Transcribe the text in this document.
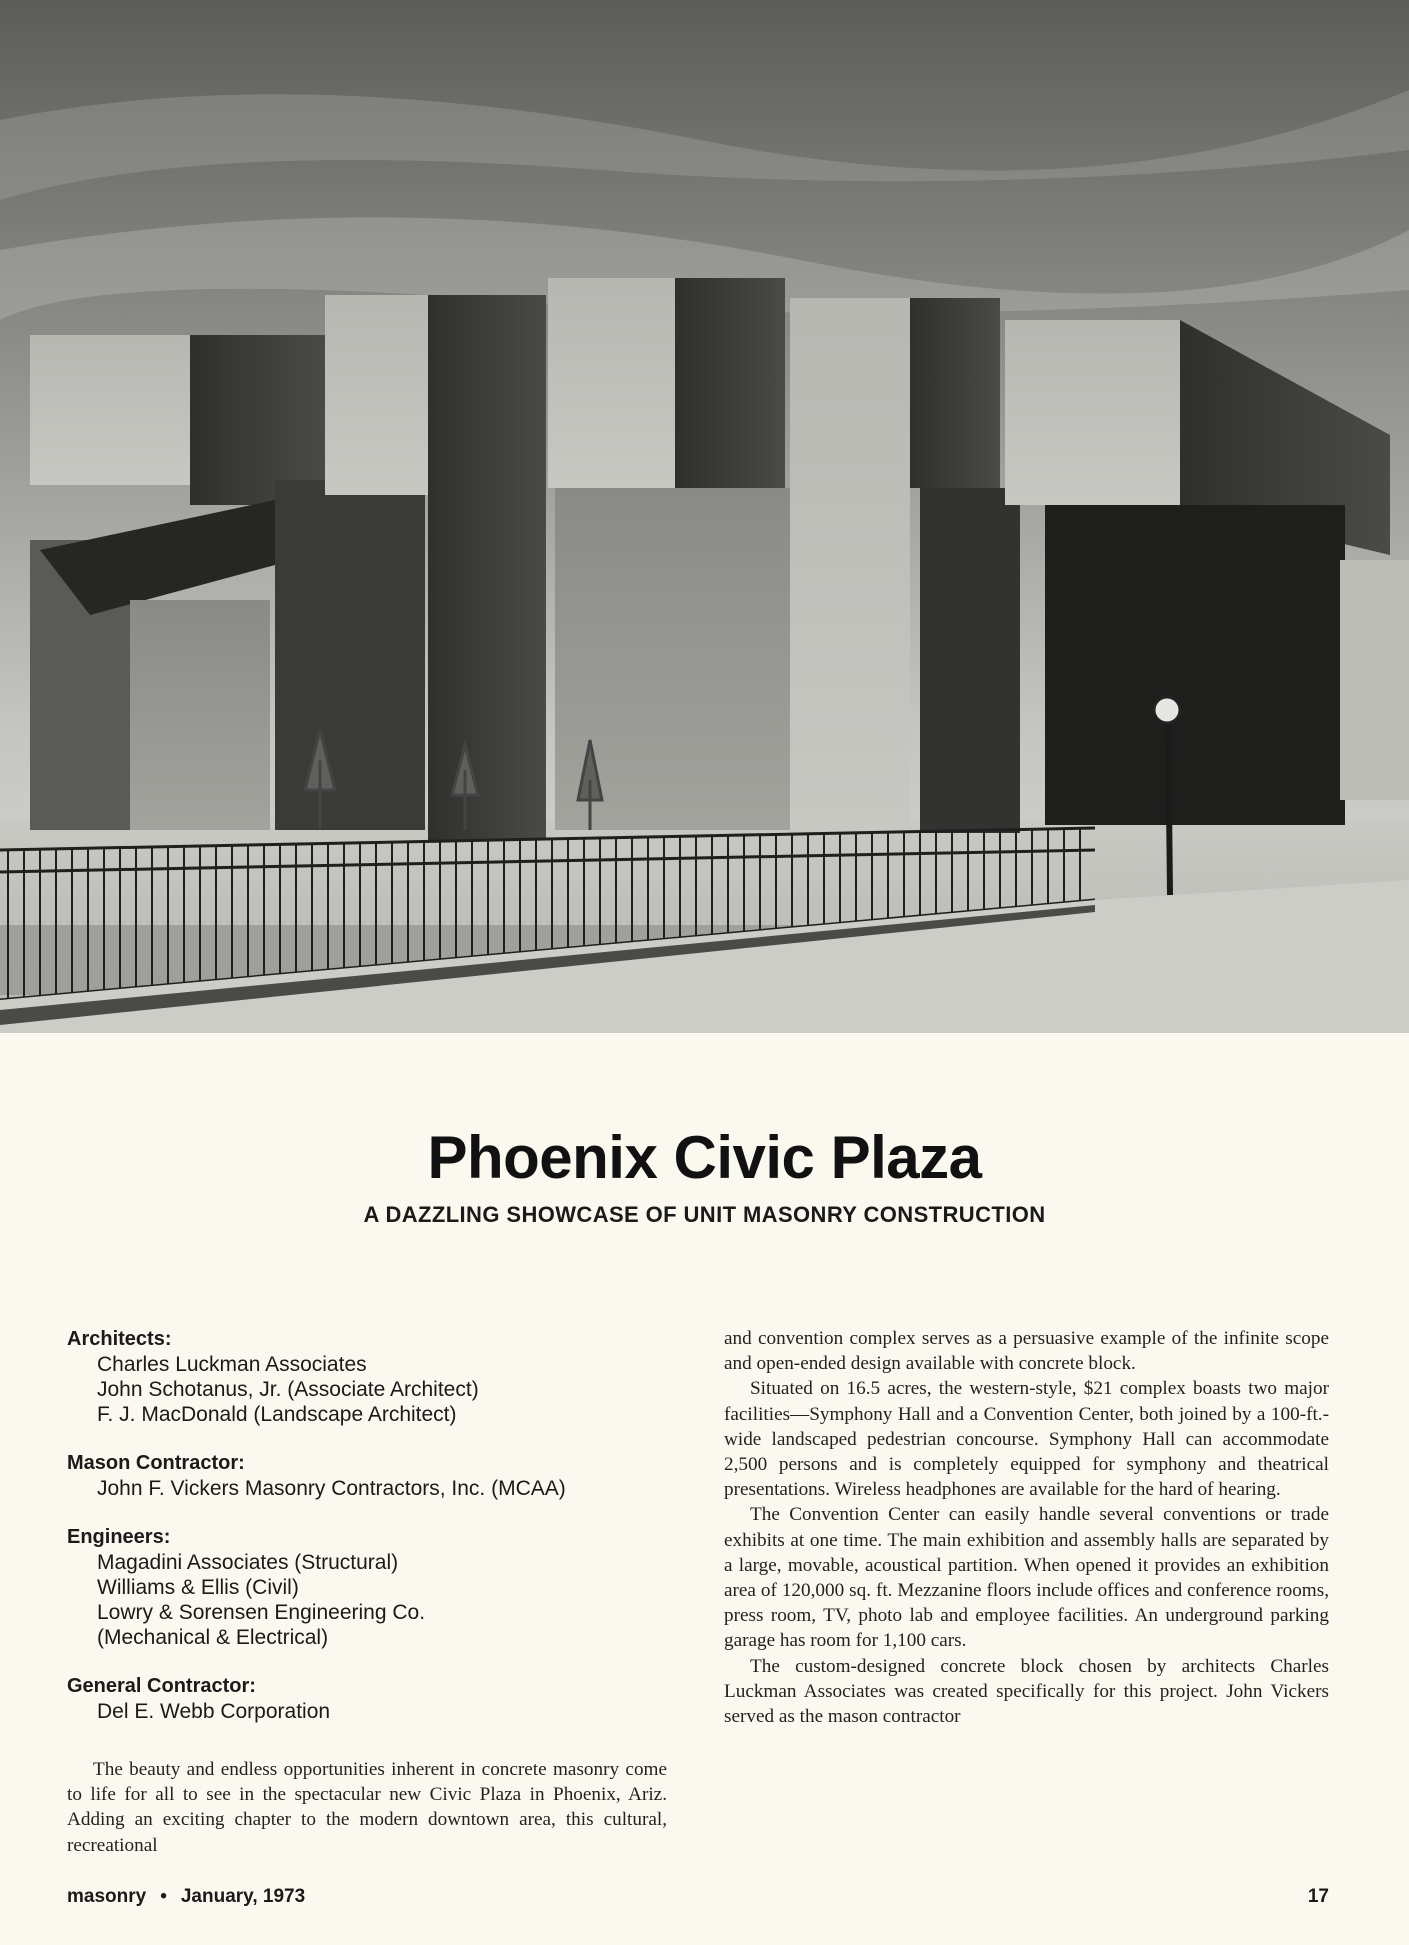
Phoenix Civic Plaza
A DAZZLING SHOWCASE OF UNIT MASONRY CONSTRUCTION

Architects:

Charles Luckman Associates

John Schotanus, Jr. (Associate Architect)

F. J. MacDonald (Landscape Architect)

Mason Contractor:

John F. Vickers Masonry Contractors, Inc. (MCAA)

Engineers:

Magadini Associates (Structural)

Williams & Ellis (Civil)

Lowry & Sorensen Engineering Co.

(Mechanical & Electrical)

General Contractor:

Del E. Webb Corporation

The beauty and endless opportunities inherent in concrete masonry come to life for all to see in the spectacular new Civic Plaza in Phoenix, Ariz. Adding an exciting chapter to the modern downtown area, this cultural, recreational

and convention complex serves as a persuasive example of the infinite scope and open-ended design available with concrete block.

Situated on 16.5 acres, the western-style, $21 complex boasts two major facilities—Symphony Hall and a Convention Center, both joined by a 100-ft.-wide landscaped pedestrian concourse. Symphony Hall can accommodate 2,500 persons and is completely equipped for symphony and theatrical presentations. Wireless headphones are available for the hard of hearing.

The Convention Center can easily handle several conventions or trade exhibits at one time. The main exhibition and assembly halls are separated by a large, movable, acoustical partition. When opened it provides an exhibition area of 120,000 sq. ft. Mezzanine floors include offices and conference rooms, press room, TV, photo lab and employee facilities. An underground parking garage has room for 1,100 cars.

The custom-designed concrete block chosen by architects Charles Luckman Associates was created specifically for this project. John Vickers served as the mason contractor

masonry • January, 1973	17
